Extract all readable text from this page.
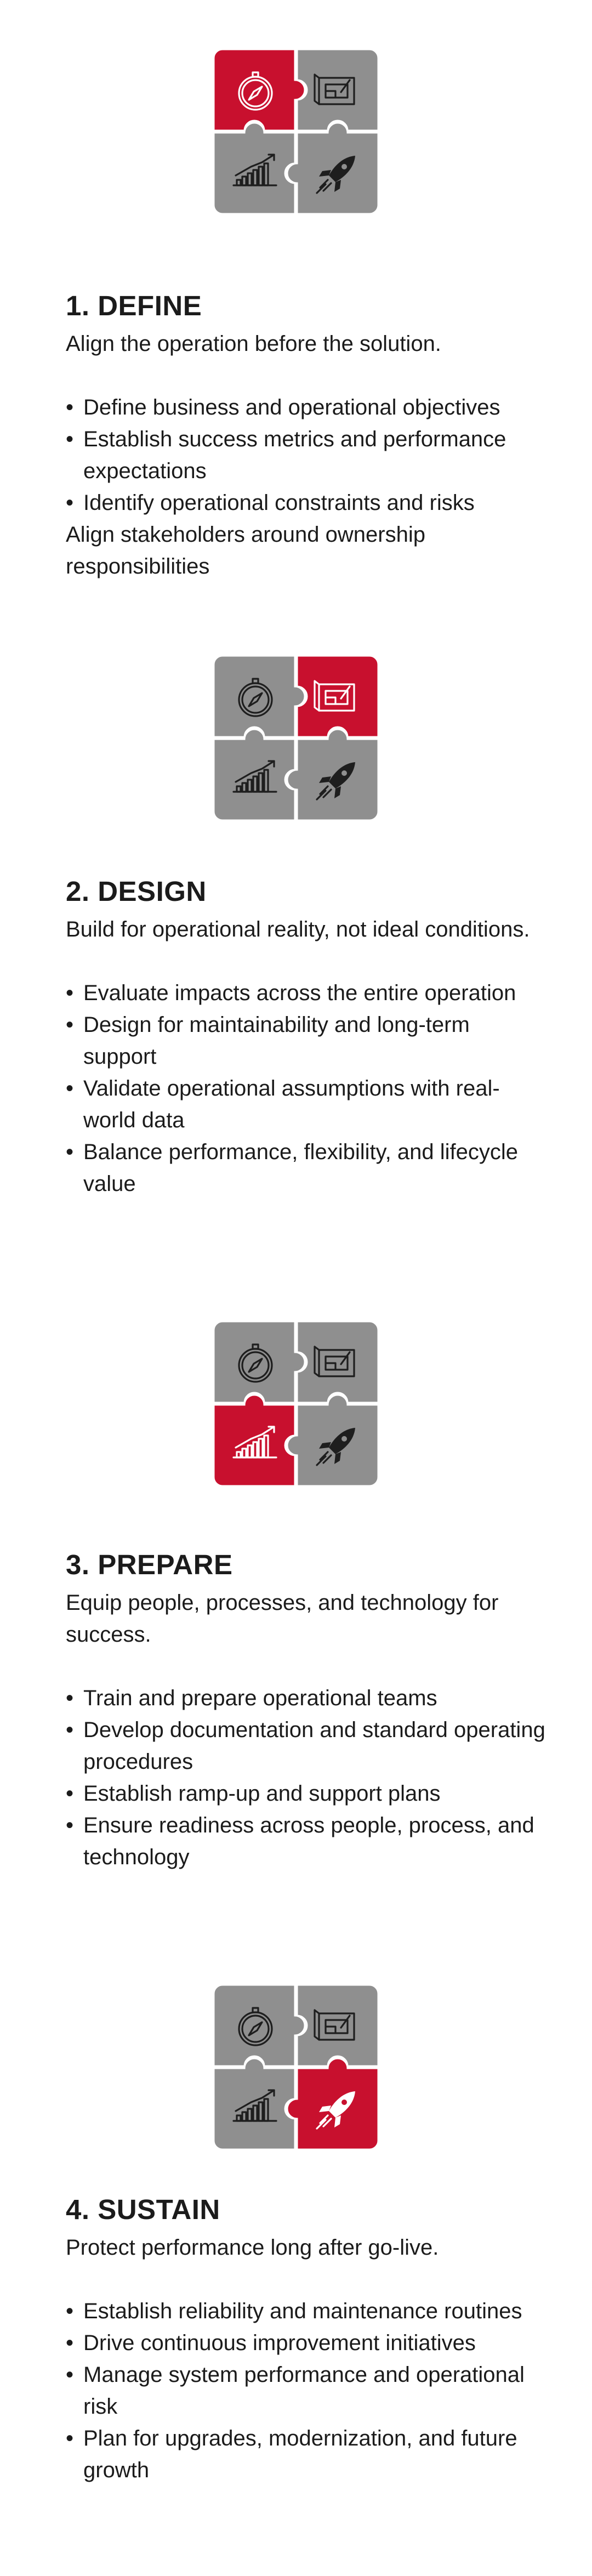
1. DEFINE

Align the operation before the solution.

• Define business and operational objectives
• Establish success metrics and performance expectations
• Identify operational constraints and risks

Align stakeholders around ownership responsibilities

2. DESIGN

Build for operational reality, not ideal conditions.

• Evaluate impacts across the entire operation
• Design for maintainability and long-term support
• Validate operational assumptions with real-world data
• Balance performance, flexibility, and lifecycle value
3. PREPARE

Equip people, processes, and technology for success.

• Train and prepare operational teams
• Develop documentation and standard operating procedures
• Establish ramp-up and support plans
• Ensure readiness across people, process, and technology
4. SUSTAIN

Protect performance long after go-live.

• Establish reliability and maintenance routines
• Drive continuous improvement initiatives
• Manage system performance and operational risk
• Plan for upgrades, modernization, and future growth
